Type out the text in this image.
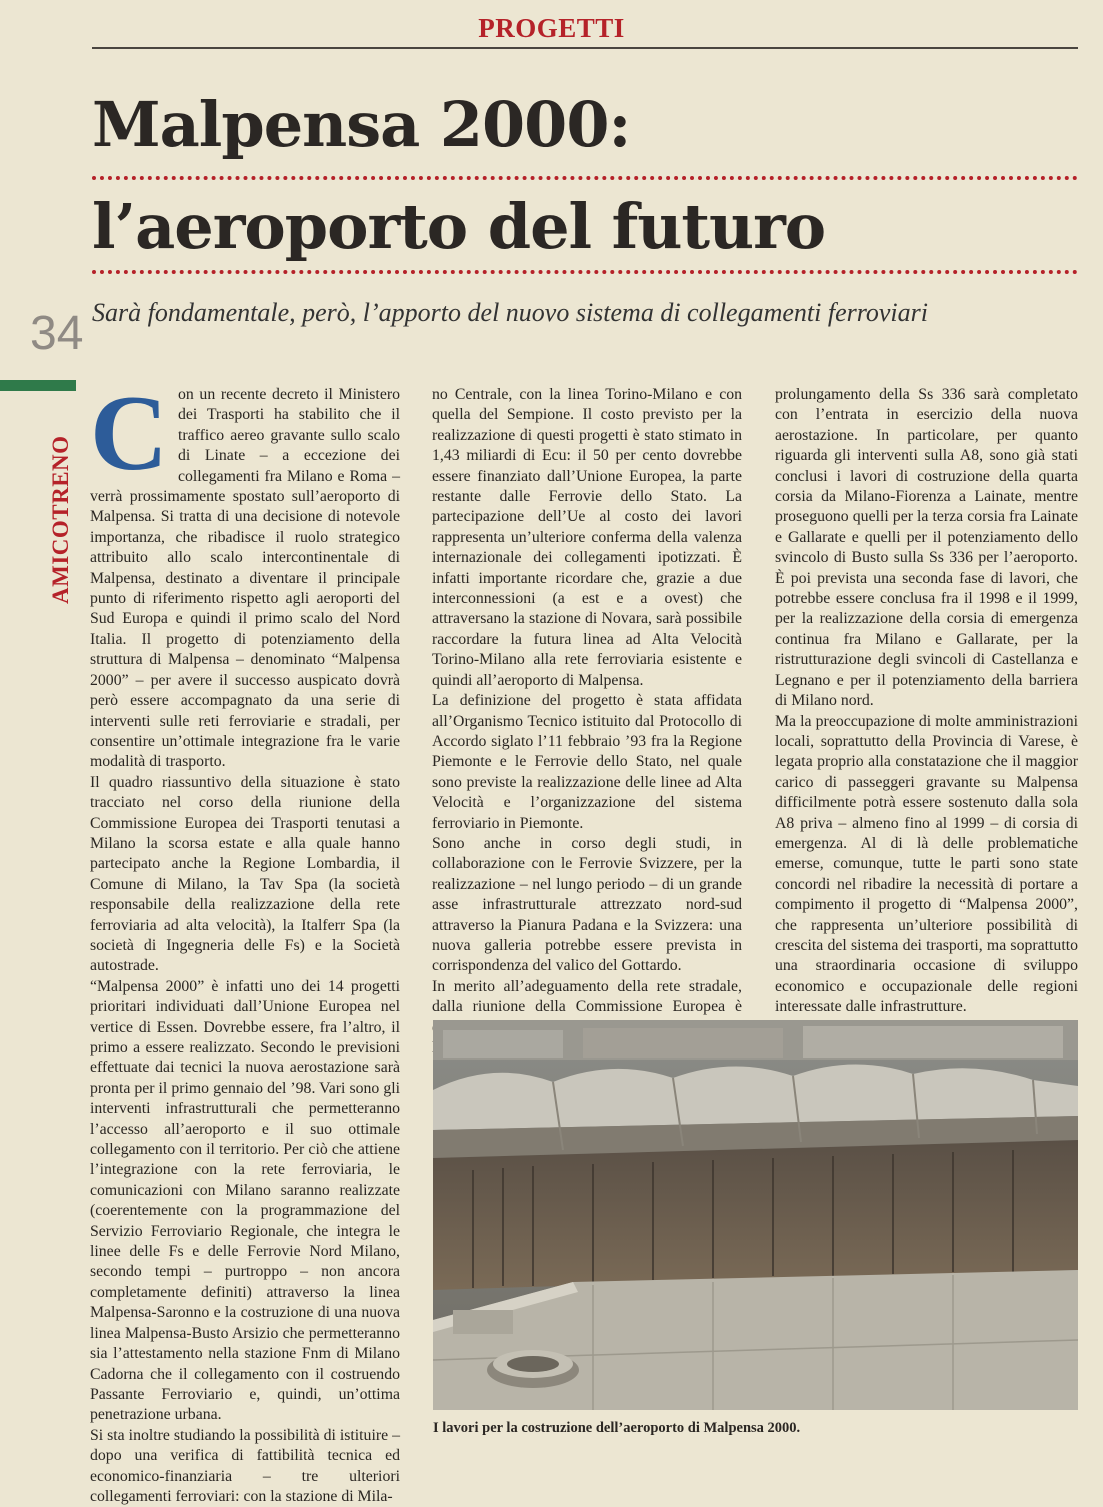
PROGETTI
Malpensa 2000:
l’aeroporto del futuro
Sarà fondamentale, però, l’apporto del nuovo sistema di collegamenti ferroviari
34
AMICOTRENO
C on un recente decreto il Ministero dei Trasporti ha stabilito che il traffico aereo gravante sullo scalo di Linate – a eccezione dei collegamenti fra Milano e Roma – verrà prossimamente spostato sull’aeroporto di Malpensa. Si tratta di una decisione di notevole importanza, che ribadisce il ruolo strategico attribuito allo scalo intercontinentale di Malpensa, destinato a diventare il principale punto di riferimento rispetto agli aeroporti del Sud Europa e quindi il primo scalo del Nord Italia. Il progetto di potenziamento della struttura di Malpensa – denominato “Malpensa 2000” – per avere il successo auspicato dovrà però essere accompagnato da una serie di interventi sulle reti ferroviarie e stradali, per consentire un’ottimale integrazione fra le varie modalità di trasporto.

Il quadro riassuntivo della situazione è stato tracciato nel corso della riunione della Commissione Europea dei Trasporti tenutasi a Milano la scorsa estate e alla quale hanno partecipato anche la Regione Lombardia, il Comune di Milano, la Tav Spa (la società responsabile della realizzazione della rete ferroviaria ad alta velocità), la Italferr Spa (la società di Ingegneria delle Fs) e la Società autostrade.

“Malpensa 2000” è infatti uno dei 14 progetti prioritari individuati dall’Unione Europea nel vertice di Essen. Dovrebbe essere, fra l’altro, il primo a essere realizzato. Secondo le previsioni effettuate dai tecnici la nuova aerostazione sarà pronta per il primo gennaio del ’98. Vari sono gli interventi infrastrutturali che permetteranno l’accesso all’aeroporto e il suo ottimale collegamento con il territorio. Per ciò che attiene l’integrazione con la rete ferroviaria, le comunicazioni con Milano saranno realizzate (coerentemente con la programmazione del Servizio Ferroviario Regionale, che integra le linee delle Fs e delle Ferrovie Nord Milano, secondo tempi – purtroppo – non ancora completamente definiti) attraverso la linea Malpensa-Saronno e la costruzione di una nuova linea Malpensa-Busto Arsizio che permetteranno sia l’attestamento nella stazione Fnm di Milano Cadorna che il collegamento con il costruendo Passante Ferroviario e, quindi, un’ottima penetrazione urbana.

Si sta inoltre studiando la possibilità di istituire – dopo una verifica di fattibilità tecnica ed economico-finanziaria – tre ulteriori collegamenti ferroviari: con la stazione di Mila-

no Centrale, con la linea Torino-Milano e con quella del Sempione. Il costo previsto per la realizzazione di questi progetti è stato stimato in 1,43 miliardi di Ecu: il 50 per cento dovrebbe essere finanziato dall’Unione Europea, la parte restante dalle Ferrovie dello Stato. La partecipazione dell’Ue al costo dei lavori rappresenta un’ulteriore conferma della valenza internazionale dei collegamenti ipotizzati. È infatti importante ricordare che, grazie a due interconnessioni (a est e a ovest) che attraversano la stazione di Novara, sarà possibile raccordare la futura linea ad Alta Velocità Torino-Milano alla rete ferroviaria esistente e quindi all’aeroporto di Malpensa.

La definizione del progetto è stata affidata all’Organismo Tecnico istituito dal Protocollo di Accordo siglato l’11 febbraio ’93 fra la Regione Piemonte e le Ferrovie dello Stato, nel quale sono previste la realizzazione delle linee ad Alta Velocità e l’organizzazione del sistema ferroviario in Piemonte.

Sono anche in corso degli studi, in collaborazione con le Ferrovie Svizzere, per la realizzazione – nel lungo periodo – di un grande asse infrastrutturale attrezzato nord-sud attraverso la Pianura Padana e la Svizzera: una nuova galleria potrebbe essere prevista in corrispondenza del valico del Gottardo.

In merito all’adeguamento della rete stradale, dalla riunione della Commissione Europea è

prolungamento della Ss 336 sarà completato con l’entrata in esercizio della nuova aerostazione. In particolare, per quanto riguarda gli interventi sulla A8, sono già stati conclusi i lavori di costruzione della quarta corsia da Milano-Fiorenza a Lainate, mentre proseguono quelli per la terza corsia fra Lainate e Gallarate e quelli per il potenziamento dello svincolo di Busto sulla Ss 336 per l’aeroporto. È poi prevista una seconda fase di lavori, che potrebbe essere conclusa fra il 1998 e il 1999, per la realizzazione della corsia di emergenza continua fra Milano e Gallarate, per la ristrutturazione degli svincoli di Castellanza e Legnano e per il potenziamento della barriera di Milano nord.

Ma la preoccupazione di molte amministrazioni locali, soprattutto della Provincia di Varese, è legata proprio alla constatazione che il maggior carico di passeggeri gravante su Malpensa difficilmente potrà essere sostenuto dalla sola A8 priva – almeno fino al 1999 – di corsia di emergenza. Al di là delle problematiche emerse, comunque, tutte le parti sono state concordi nel ribadire la necessità di portare a compimento il progetto di “Malpensa 2000”, che rappresenta un’ulteriore possibilità di crescita del sistema dei trasporti, ma soprattutto una straordinaria occasione di sviluppo economico e occupazionale delle regioni interessate dalle infrastrutture.

I lavori per la costruzione dell’aeroporto di Malpensa 2000.
